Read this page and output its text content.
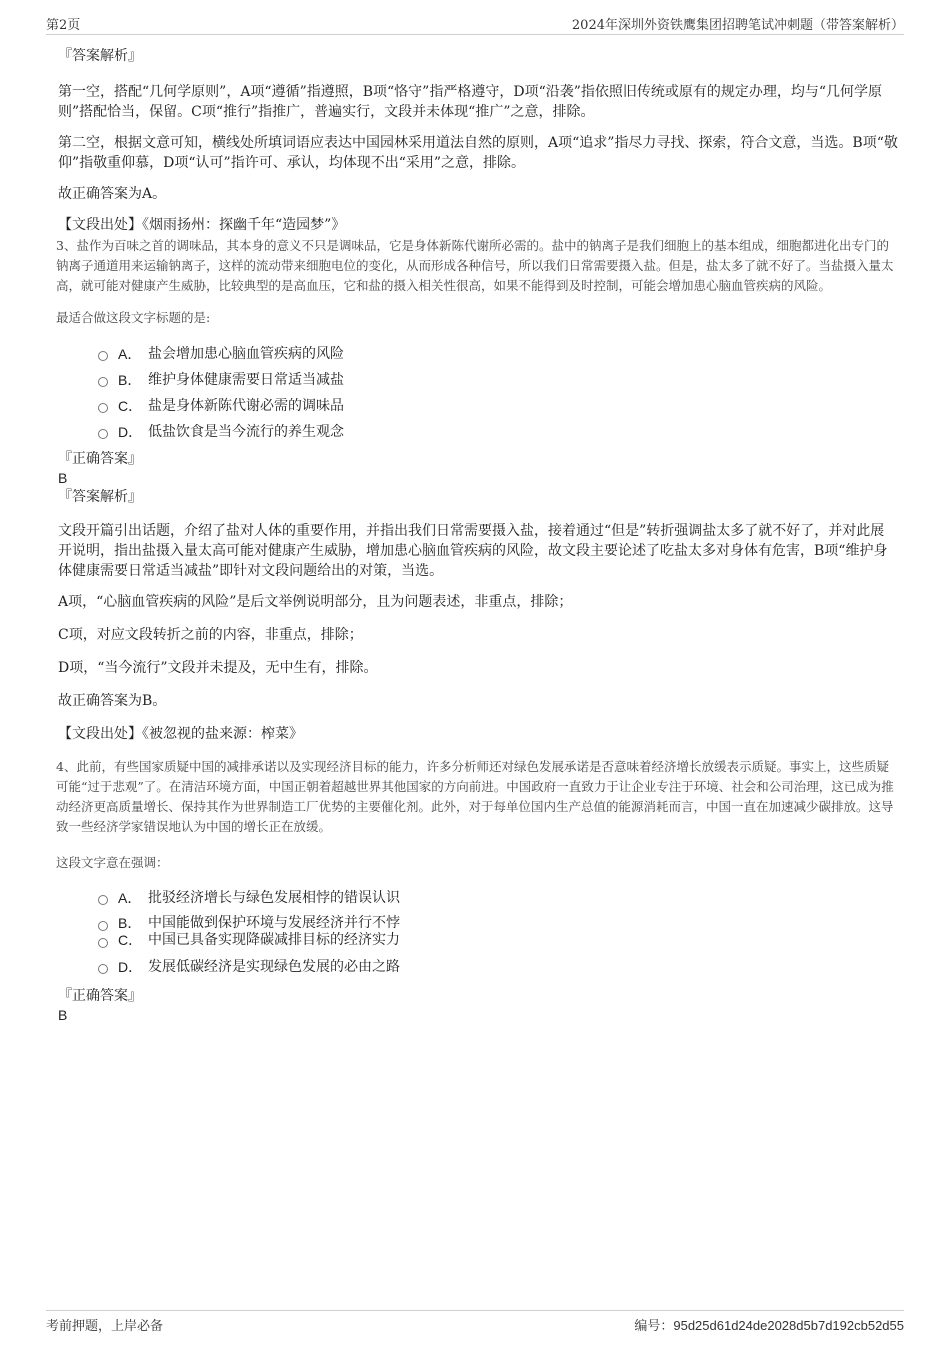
第2页	2024年深圳外资铁鹰集团招聘笔试冲刺题（带答案解析）
『答案解析』

第一空，搭配“几何学原则”，A项“遵循”指遵照，B项“恪守”指严格遵守，D项“沿袭”指依照旧传统或原有的规定办理，均与“几何学原则”搭配恰当，保留。C项“推行”指推广，普遍实行，文段并未体现“推广”之意，排除。

第二空，根据文意可知，横线处所填词语应表达中国园林采用道法自然的原则，A项“追求”指尽力寻找、探索，符合文意，当选。B项“敬仰”指敬重仰慕，D项“认可”指许可、承认，均体现不出“采用”之意，排除。

故正确答案为A。

【文段出处】《烟雨扬州：探幽千年“造园梦”》

3、盐作为百味之首的调味品，其本身的意义不只是调味品，它是身体新陈代谢所必需的。盐中的钠离子是我们细胞上的基本组成，细胞都进化出专门的钠离子通道用来运输钠离子，这样的流动带来细胞电位的变化，从而形成各种信号，所以我们日常需要摄入盐。但是，盐太多了就不好了。当盐摄入量太高，就可能对健康产生威胁，比较典型的是高血压，它和盐的摄入相关性很高，如果不能得到及时控制，可能会增加患心脑血管疾病的风险。

最适合做这段文字标题的是:

A． 盐会增加患心脑血管疾病的风险
B． 维护身体健康需要日常适当减盐
C． 盐是身体新陈代谢必需的调味品
D． 低盐饮食是当今流行的养生观念
『正确答案』
B
『答案解析』

文段开篇引出话题，介绍了盐对人体的重要作用，并指出我们日常需要摄入盐，接着通过“但是”转折强调盐太多了就不好了，并对此展开说明，指出盐摄入量太高可能对健康产生威胁，增加患心脑血管疾病的风险，故文段主要论述了吃盐太多对身体有危害，B项“维护身体健康需要日常适当减盐”即针对文段问题给出的对策，当选。

A项，“心脑血管疾病的风险”是后文举例说明部分，且为问题表述，非重点，排除；

C项，对应文段转折之前的内容，非重点，排除；

D项，“当今流行”文段并未提及，无中生有，排除。

故正确答案为B。

【文段出处】《被忽视的盐来源：榨菜》

4、此前，有些国家质疑中国的减排承诺以及实现经济目标的能力，许多分析师还对绿色发展承诺是否意味着经济增长放缓表示质疑。事实上，这些质疑可能“过于悲观”了。在清洁环境方面，中国正朝着超越世界其他国家的方向前进。中国政府一直致力于让企业专注于环境、社会和公司治理，这已成为推动经济更高质量增长、保持其作为世界制造工厂优势的主要催化剂。此外，对于每单位国内生产总值的能源消耗而言，中国一直在加速减少碳排放。这导致一些经济学家错误地认为中国的增长正在放缓。

这段文字意在强调：

A． 批驳经济增长与绿色发展相悖的错误认识
B． 中国能做到保护环境与发展经济并行不悖
C． 中国已具备实现降碳减排目标的经济实力
D． 发展低碳经济是实现绿色发展的必由之路
『正确答案』
B
考前押题，上岸必备	编号：95d25d61d24de2028d5b7d192cb52d55
